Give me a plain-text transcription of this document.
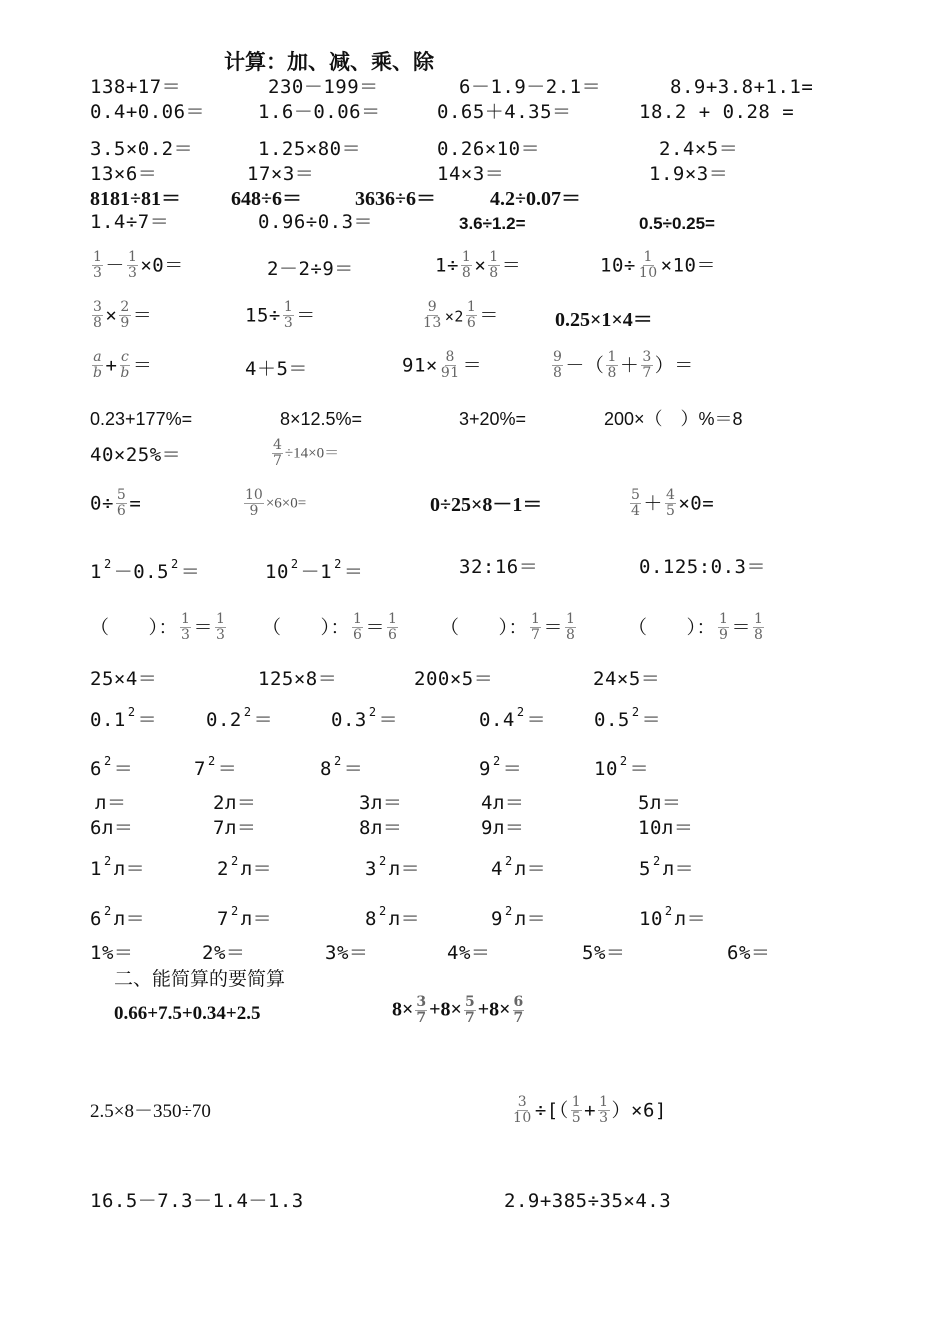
计算：加、减、乘、除
138+17＝	230－199＝	6－1.9－2.1＝	8.9+3.8+1.1=
0.4+0.06＝	1.6－0.06＝	0.65＋4.35＝	18.2 + 0.28 =
3.5×0.2＝	1.25×80＝	0.26×10＝	2.4×5＝
13×6＝	17×3＝	14×3＝	1.9×3＝
8181÷81＝	648÷6＝	3636÷6＝	4.2÷0.07＝
1.4÷7＝	0.96÷0.3＝	3.6÷1.2=	0.5÷0.25=
$\frac{1}{3} - \frac{1}{3} \times 0=$	2－2÷9＝	$1\div \frac{1}{8} \times \frac{1}{8}$ ＝	$10\div \frac{1}{10} \times 10=$
$\frac{3}{8} \times \frac{2}{9}$ ＝	$15\div \frac{1}{3}$ ＝	$\frac{9}{13} \times 2 \frac{1}{6}$ ＝	0.25×1×4＝
$\frac{a}{b} + \frac{c}{b}$ ＝	4＋5＝	$91\times \frac{8}{91}$ ＝	$\frac{9}{8}$ －（ $\frac{1}{8} + \frac{3}{7}$ ）＝
0.23+177%=	8×12.5%=	3+20%=	200×（　）%＝8
40×25%＝	$\frac{4}{7} \div 14\times 0=$
$0\div \frac{5}{6}$ =	$\frac{10}{9} \times 6\times 0=$	0÷25×8－1＝	$\frac{5}{4} + \frac{4}{5} \times 0=$
1 $^2$ －0.5 $^2$ ＝	10 $^2$ －1 $^2$ ＝	32:16＝	0.125:0.3＝
（　　）： $\frac{1}{3} = \frac{1}{3}$ （　　）： $\frac{1}{6} = \frac{1}{6}$ （　　）： $\frac{1}{7} = \frac{1}{8}$	（　　）： $\frac{1}{9} = \frac{1}{8}$
25×4＝	125×8＝	200×5＝	24×5＝
0.1 $^2$ ＝	0.2 $^2$ ＝	0.3 $^2$ ＝	0.4 $^2$ ＝	0.5 $^2$ ＝
6 $^2$ ＝	7 $^2$ ＝	8 $^2$ ＝	9 $^2$ ＝	10 $^2$ ＝
л＝	2л＝	3л＝	4л＝	5л＝
6л＝	7л＝	8л＝	9л＝	10л＝
1 $^2$ л＝	2 $^2$ л＝	3 $^2$ л＝	4 $^2$ л＝	5 $^2$ л＝
6 $^2$ л＝	7 $^2$ л＝	8 $^2$ л＝	9 $^2$ л＝	10 $^2$ л＝
1%＝	2%＝	3%＝	4%＝	5%＝	6%＝
二、能简算的要简算
0.66+7.5+0.34+2.5	$8\times \frac{3}{7} +8\times \frac{5}{7} +8\times \frac{6}{7}$
2.5×8－350÷70	$\frac{3}{10}$ ÷[（ $\frac{1}{5} + \frac{1}{3} )\times 6$]
16.5－7.3－1.4－1.3	2.9+385÷35×4.3
